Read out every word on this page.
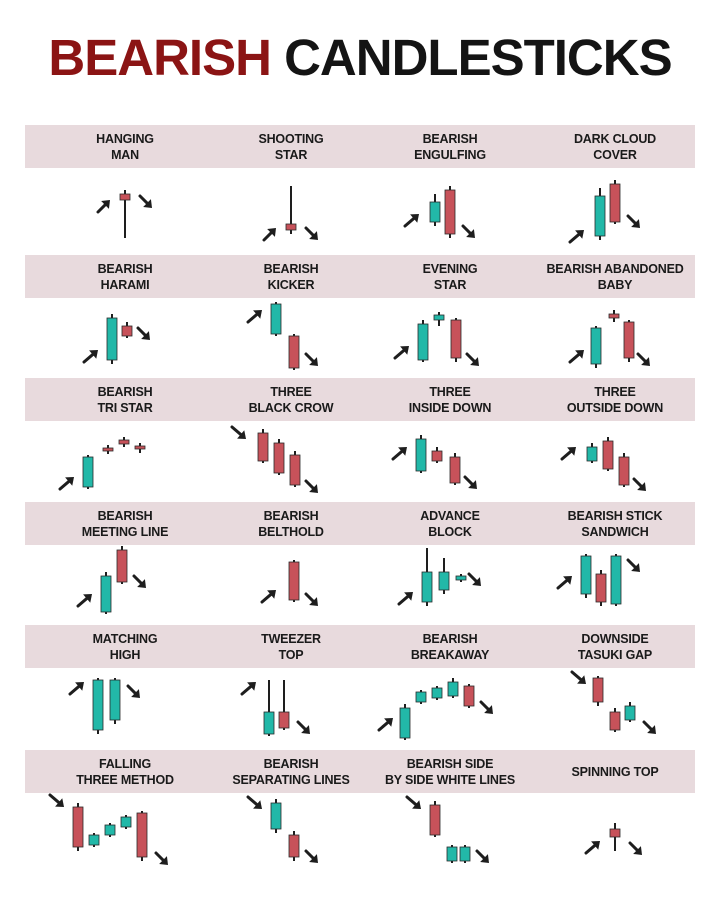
BEARISH CANDLESTICKS
HANGING
MAN
SHOOTING
STAR
BEARISH
ENGULFING
DARK CLOUD
COVER
BEARISH
HARAMI
BEARISH
KICKER
EVENING
STAR
BEARISH ABANDONED
BABY
BEARISH
TRI STAR
THREE
BLACK CROW
THREE
INSIDE DOWN
THREE
OUTSIDE DOWN
BEARISH
MEETING LINE
BEARISH
BELTHOLD
ADVANCE
BLOCK
BEARISH STICK
SANDWICH
MATCHING
HIGH
TWEEZER
TOP
BEARISH
BREAKAWAY
DOWNSIDE
TASUKI GAP
FALLING
THREE METHOD
BEARISH
SEPARATING LINES
BEARISH SIDE
BY SIDE WHITE LINES
SPINNING TOP
